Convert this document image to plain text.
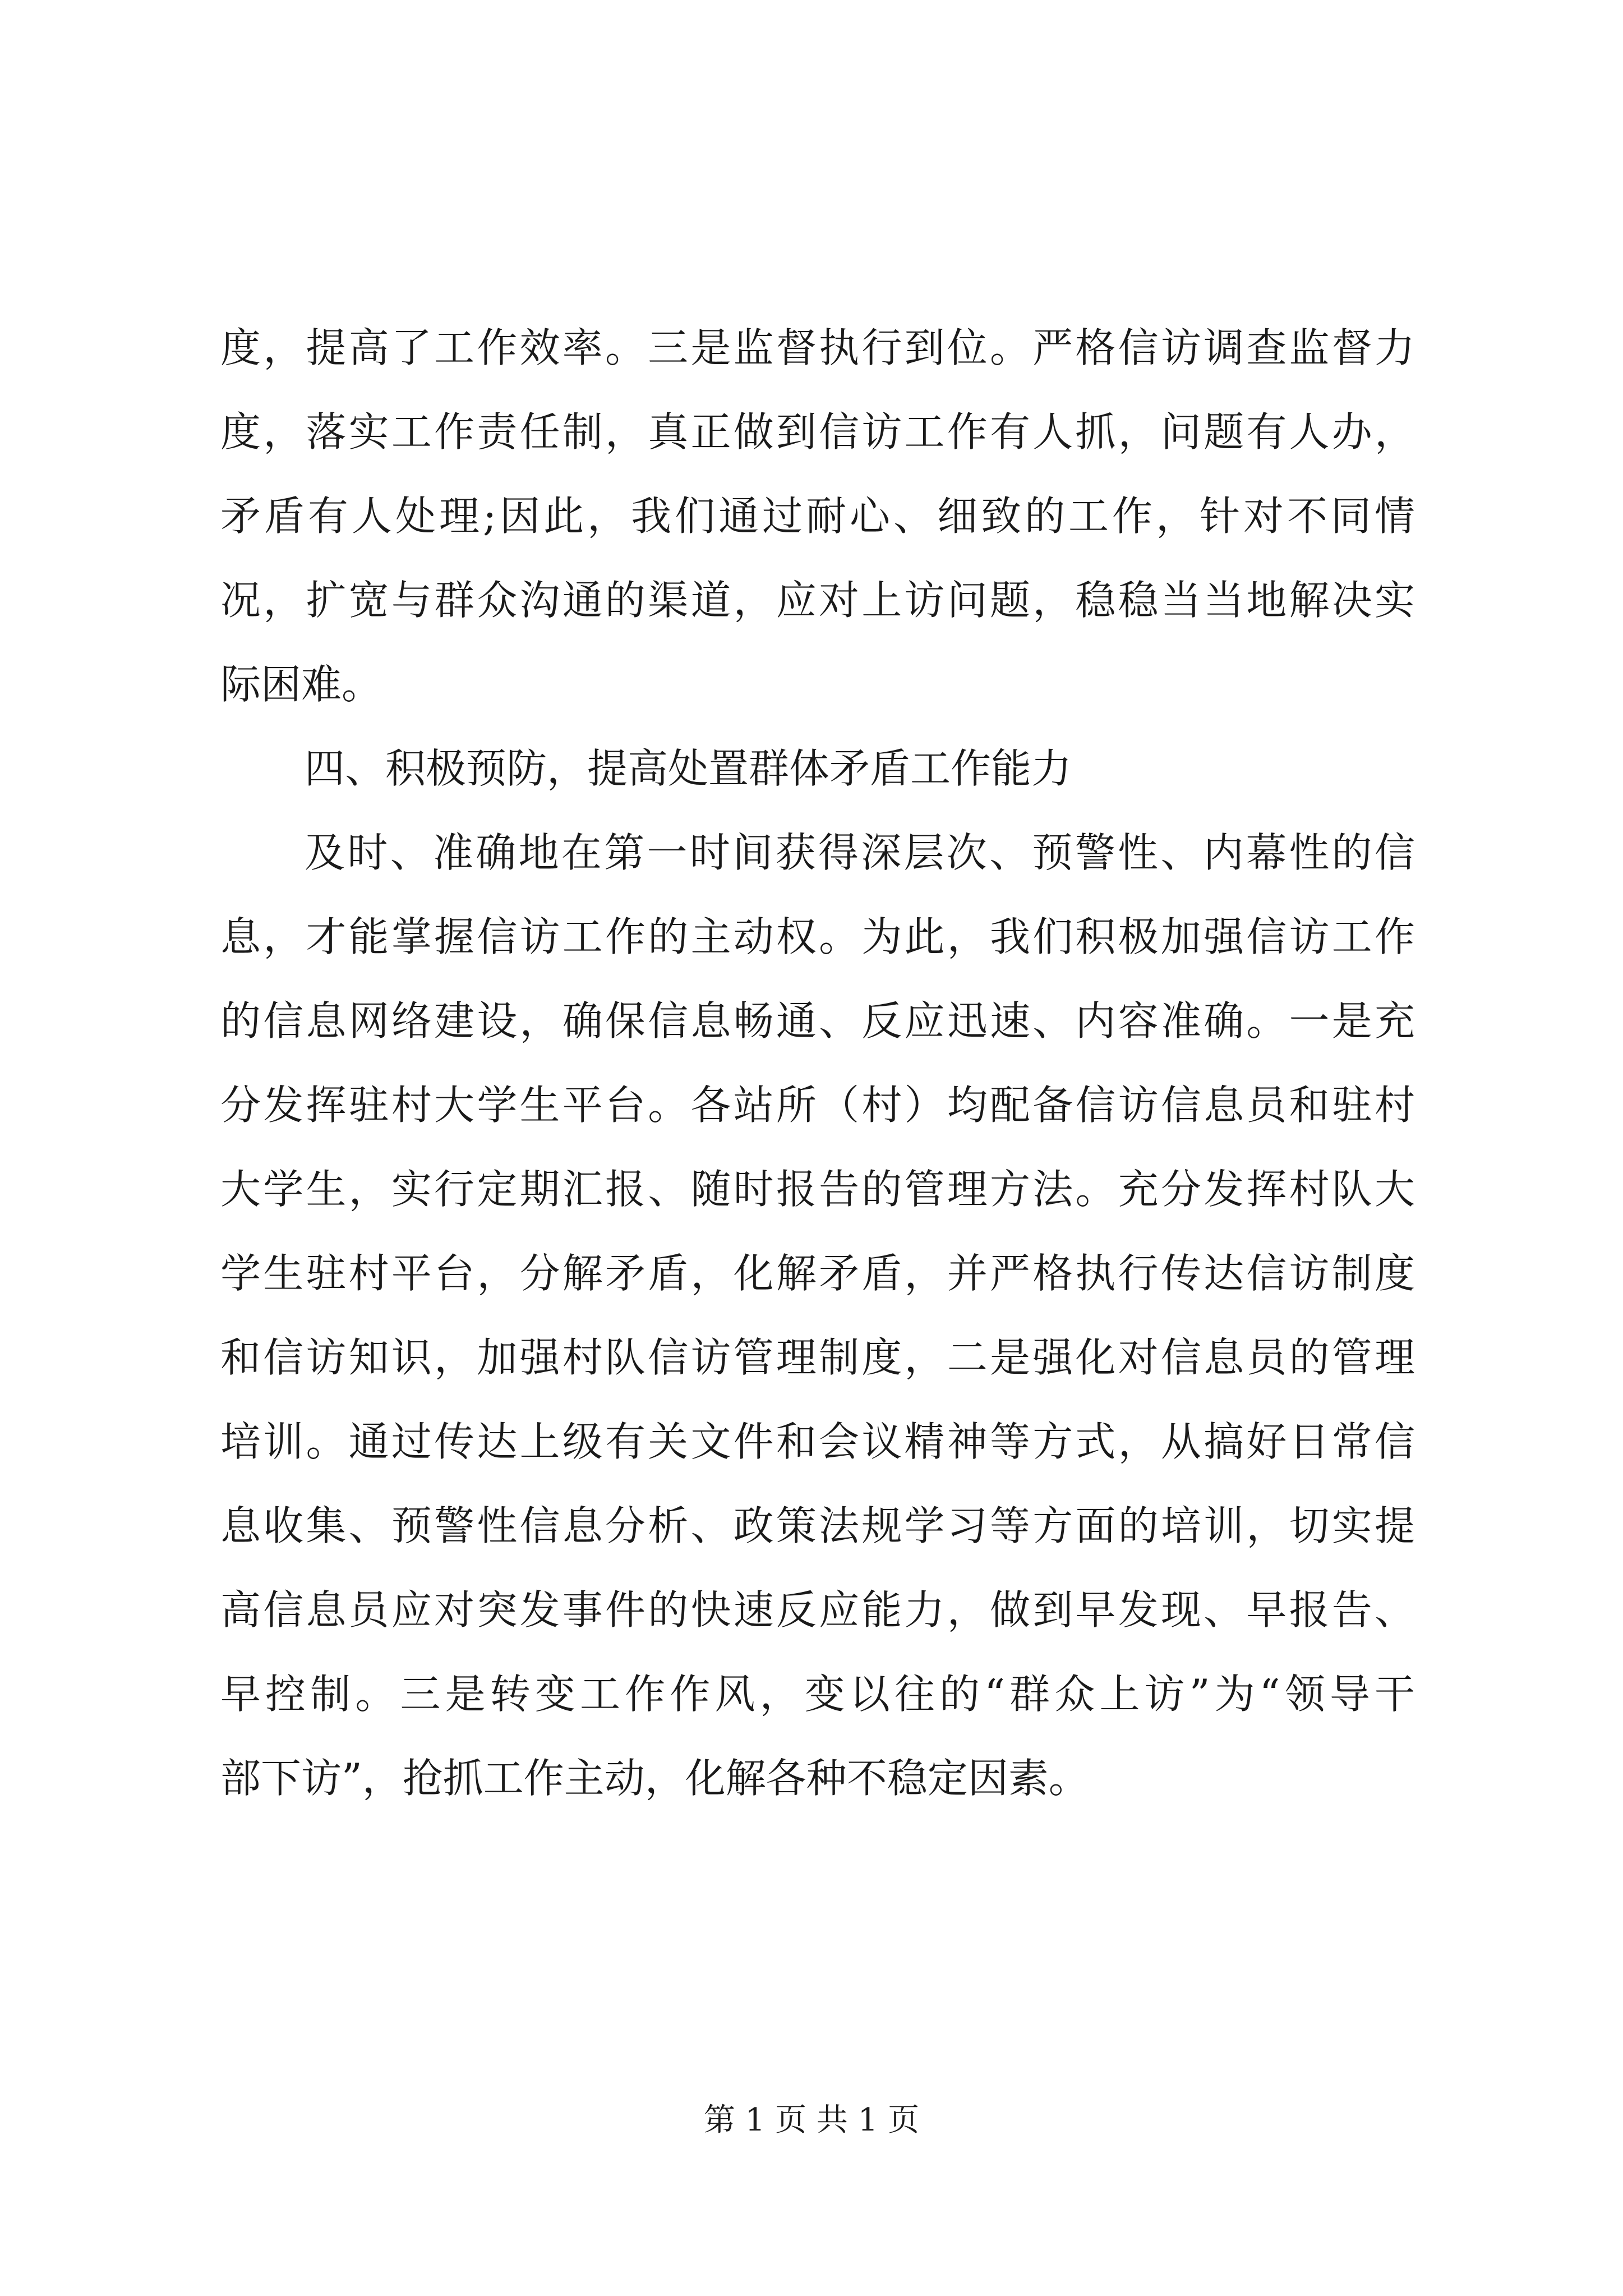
度，提高了工作效率。三是监督执行到位。严格信访调查监督力
度，落实工作责任制，真正做到信访工作有人抓，问题有人办，
矛盾有人处理;因此，我们通过耐心、细致的工作，针对不同情
况，扩宽与群众沟通的渠道，应对上访问题，稳稳当当地解决实
际困难。
四、积极预防，提高处置群体矛盾工作能力
及时、准确地在第一时间获得深层次、预警性、内幕性的信
息，才能掌握信访工作的主动权。为此，我们积极加强信访工作
的信息网络建设，确保信息畅通、反应迅速、内容准确。一是充
分发挥驻村大学生平台。各站所（村）均配备信访信息员和驻村
大学生，实行定期汇报、随时报告的管理方法。充分发挥村队大
学生驻村平台，分解矛盾，化解矛盾，并严格执行传达信访制度
和信访知识，加强村队信访管理制度，二是强化对信息员的管理
培训。通过传达上级有关文件和会议精神等方式，从搞好日常信
息收集、预警性信息分析、政策法规学习等方面的培训，切实提
高信息员应对突发事件的快速反应能力，做到早发现、早报告、
早控制。三是转变工作作风，变以往的“群众上访”为“领导干
部下访”，抢抓工作主动，化解各种不稳定因素。
第 1 页 共 1 页
